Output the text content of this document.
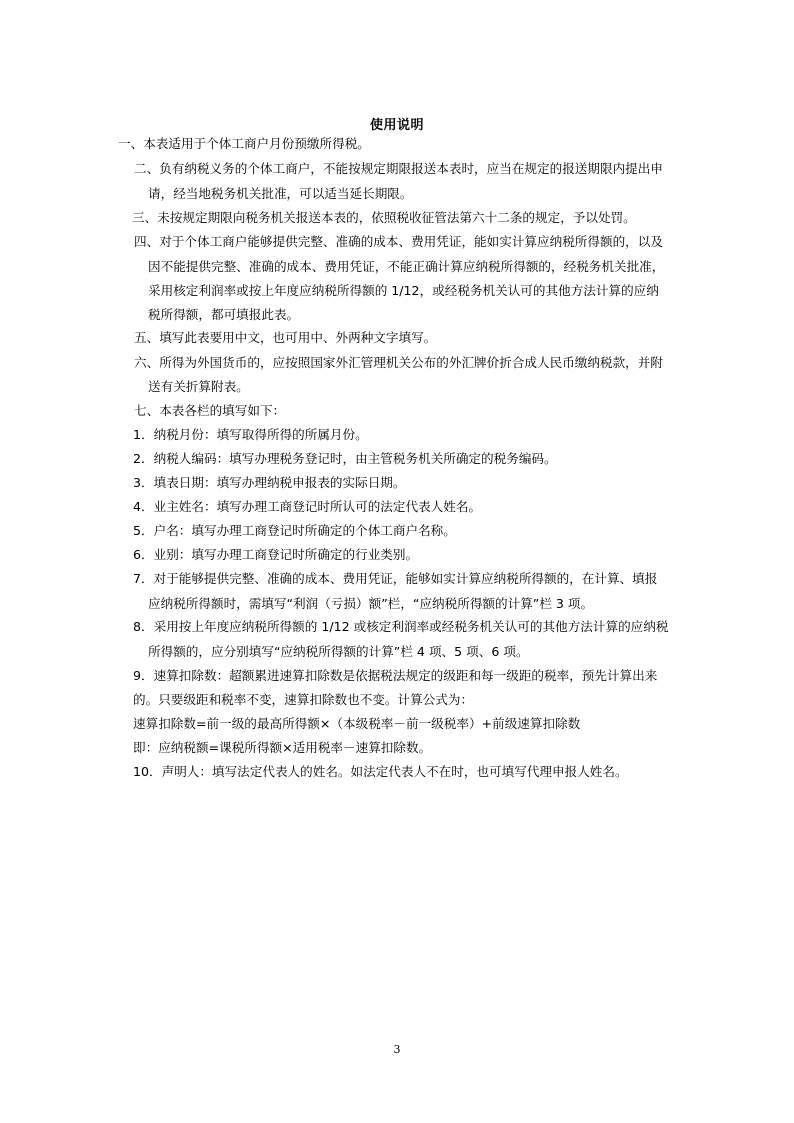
使用说明
一、本表适用于个体工商户月份预缴所得税。
二、负有纳税义务的个体工商户，不能按规定期限报送本表时，应当在规定的报送期限内提出申
请，经当地税务机关批准，可以适当延长期限。
三、未按规定期限向税务机关报送本表的，依照税收征管法第六十二条的规定，予以处罚。
四、对于个体工商户能够提供完整、准确的成本、费用凭证，能如实计算应纳税所得额的，以及
因不能提供完整、准确的成本、费用凭证，不能正确计算应纳税所得额的，经税务机关批准，
采用核定利润率或按上年度应纳税所得额的 1/12，或经税务机关认可的其他方法计算的应纳
税所得额，都可填报此表。
五、填写此表要用中文，也可用中、外两种文字填写。
六、所得为外国货币的，应按照国家外汇管理机关公布的外汇牌价折合成人民币缴纳税款，并附
送有关折算附表。
七、本表各栏的填写如下：
1．纳税月份：填写取得所得的所属月份。
2．纳税人编码：填写办理税务登记时，由主管税务机关所确定的税务编码。
3．填表日期：填写办理纳税申报表的实际日期。
4．业主姓名：填写办理工商登记时所认可的法定代表人姓名。
5．户名：填写办理工商登记时所确定的个体工商户名称。
6．业别：填写办理工商登记时所确定的行业类别。
7．对于能够提供完整、准确的成本、费用凭证，能够如实计算应纳税所得额的，在计算、填报
应纳税所得额时，需填写“利润（亏损）额”栏，“应纳税所得额的计算”栏 3 项。
8．采用按上年度应纳税所得额的 1/12 或核定利润率或经税务机关认可的其他方法计算的应纳税
所得额的，应分别填写“应纳税所得额的计算”栏 4 项、5 项、6 项。
9．速算扣除数：超额累进速算扣除数是依据税法规定的级距和每一级距的税率，预先计算出来
的。只要级距和税率不变，速算扣除数也不变。计算公式为：
速算扣除数=前一级的最高所得额×（本级税率－前一级税率）+前级速算扣除数
即：应纳税额=课税所得额×适用税率－速算扣除数。
10．声明人：填写法定代表人的姓名。如法定代表人不在时，也可填写代理申报人姓名。
3
